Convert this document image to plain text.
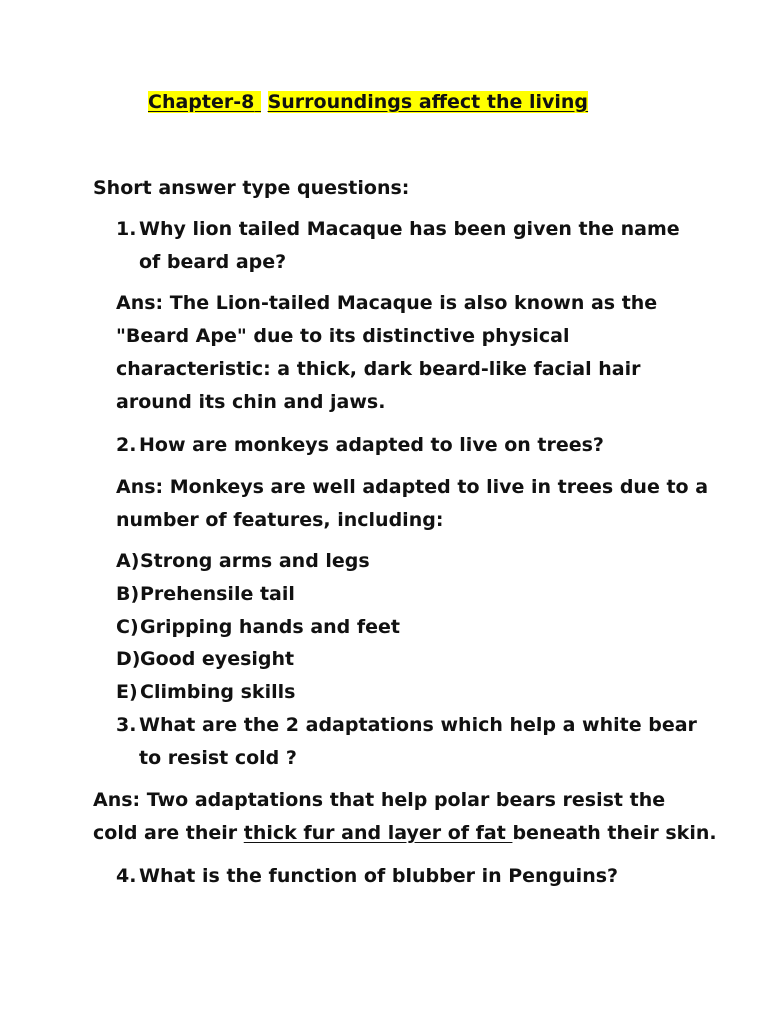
Chapter-8 Surroundings affect the living
Short answer type questions:
1. Why lion tailed Macaque has been given the name
of beard ape?
Ans: The Lion-tailed Macaque is also known as the
"Beard Ape" due to its distinctive physical
characteristic: a thick, dark beard-like facial hair
around its chin and jaws.
2. How are monkeys adapted to live on trees?
Ans: Monkeys are well adapted to live in trees due to a
number of features, including:
A)Strong arms and legs
B)Prehensile tail
C)Gripping hands and feet
D)Good eyesight
E) Climbing skills
3. What are the 2 adaptations which help a white bear
to resist cold ?
Ans: Two adaptations that help polar bears resist the
cold are their thick fur and layer of fat beneath their skin.
4. What is the function of blubber in Penguins?
